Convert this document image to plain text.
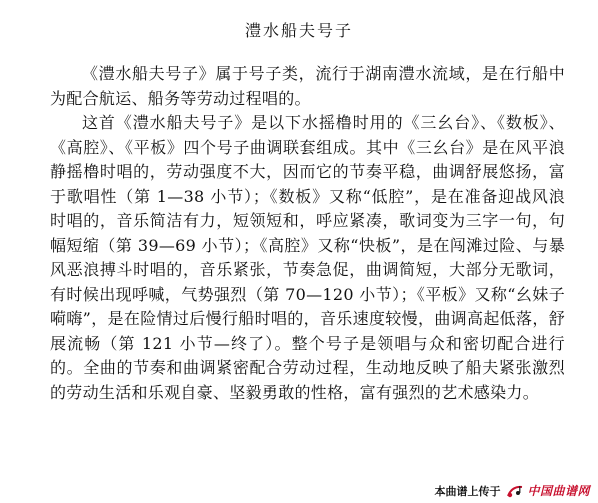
澧水船夫号子

《澧水船夫号子》属于号子类，流行于湖南澧水流域，是在行船中为配合航运、船务等劳动过程唱的。

这首《澧水船夫号子》是以下水摇橹时用的《三幺台》、《数板》、《高腔》、《平板》四个号子曲调联套组成。其中《三幺台》是在风平浪静摇橹时唱的，劳动强度不大，因而它的节奏平稳，曲调舒展悠扬，富于歌唱性（第 1—38 小节）；《数板》又称“低腔”，是在准备迎战风浪时唱的，音乐简洁有力，短领短和，呼应紧凑，歌词变为三字一句，句幅短缩（第 39—69 小节）；《高腔》又称“快板”，是在闯滩过险、与暴风恶浪搏斗时唱的，音乐紧张，节奏急促，曲调简短，大部分无歌词，有时候出现呼喊，气势强烈（第 70—120 小节）；《平板》又称“幺妹子嗬嗨”，是在险情过后慢行船时唱的，音乐速度较慢，曲调高起低落，舒展流畅（第 121 小节—终了）。整个号子是领唱与众和密切配合进行的。全曲的节奏和曲调紧密配合劳动过程，生动地反映了船夫紧张激烈的劳动生活和乐观自豪、坚毅勇敢的性格，富有强烈的艺术感染力。

本曲谱上传于 中国曲谱网
